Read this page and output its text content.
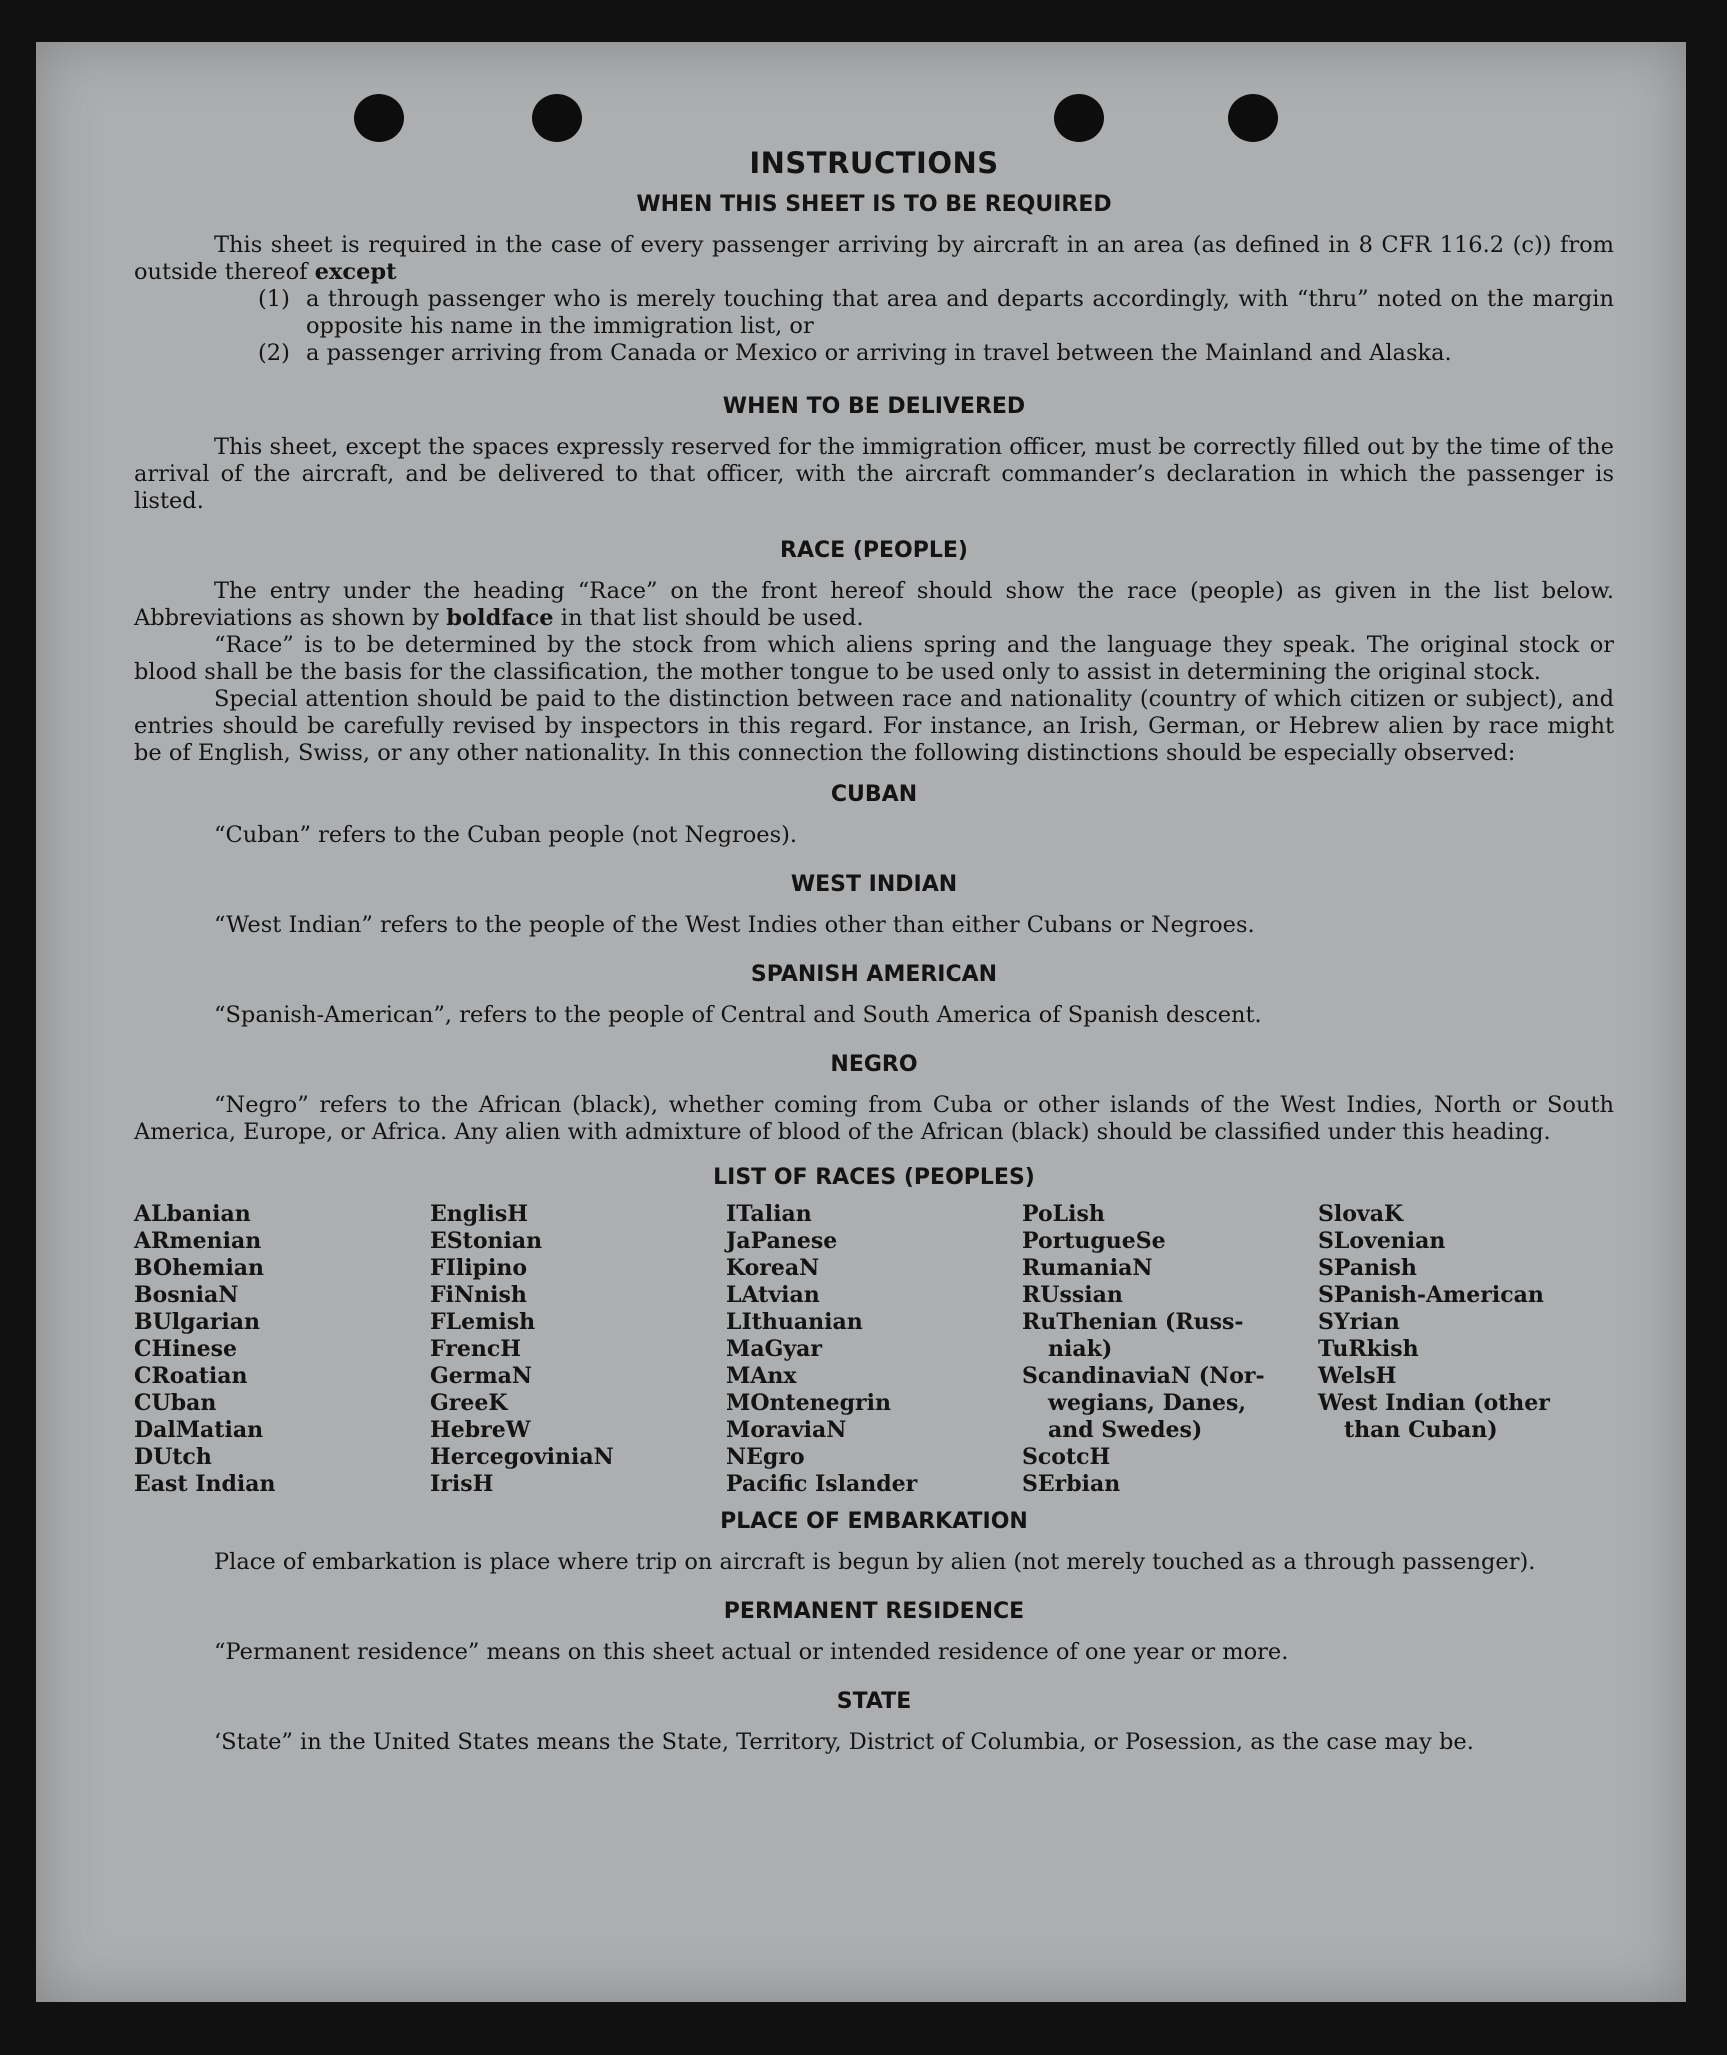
INSTRUCTIONS
WHEN THIS SHEET IS TO BE REQUIRED

This sheet is required in the case of every passenger arriving by aircraft in an area (as defined in 8 CFR 116.2 (c)) from outside thereof except

(1) a through passenger who is merely touching that area and departs accordingly, with “thru” noted on the margin opposite his name in the immigration list, or
(2) a passenger arriving from Canada or Mexico or arriving in travel between the Mainland and Alaska.
WHEN TO BE DELIVERED

This sheet, except the spaces expressly reserved for the immigration officer, must be correctly filled out by the time of the arrival of the aircraft, and be delivered to that officer, with the aircraft commander’s declaration in which the passenger is listed.

RACE (PEOPLE)

The entry under the heading “Race” on the front hereof should show the race (people) as given in the list below. Abbreviations as shown by boldface in that list should be used.

“Race” is to be determined by the stock from which aliens spring and the language they speak. The original stock or blood shall be the basis for the classification, the mother tongue to be used only to assist in determining the original stock.

Special attention should be paid to the distinction between race and nationality (country of which citizen or subject), and entries should be carefully revised by inspectors in this regard. For instance, an Irish, German, or Hebrew alien by race might be of English, Swiss, or any other nationality. In this connection the following distinctions should be especially observed:

CUBAN

“Cuban” refers to the Cuban people (not Negroes).

WEST INDIAN

“West Indian” refers to the people of the West Indies other than either Cubans or Negroes.

SPANISH AMERICAN

“Spanish-American”, refers to the people of Central and South America of Spanish descent.

NEGRO

“Negro” refers to the African (black), whether coming from Cuba or other islands of the West Indies, North or South America, Europe, or Africa. Any alien with admixture of blood of the African (black) should be classified under this heading.

LIST OF RACES (PEOPLES)
ALbanian
ARmenian
BOhemian
BosniaN
BUlgarian
CHinese
CRoatian
CUban
DalMatian
DUtch
East Indian
EnglisH
EStonian
FIlipino
FiNnish
FLemish
FrencH
GermaN
GreeK
HebreW
HercegoviniaN
IrisH
ITalian
JaPanese
KoreaN
LAtvian
LIthuanian
MaGyar
MAnx
MOntenegrin
MoraviaN
NEgro
Pacific Islander
PoLish
PortugueSe
RumaniaN
RUssian
RuThenian (Russ-
niak)
ScandinaviaN (Nor-
wegians, Danes,
and Swedes)
ScotcH
SErbian
SlovaK
SLovenian
SPanish
SPanish-American
SYrian
TuRkish
WelsH
West Indian (other
than Cuban)
PLACE OF EMBARKATION

Place of embarkation is place where trip on aircraft is begun by alien (not merely touched as a through passenger).

PERMANENT RESIDENCE

“Permanent residence” means on this sheet actual or intended residence of one year or more.

STATE

‘State” in the United States means the State, Territory, District of Columbia, or Posession, as the case may be.
